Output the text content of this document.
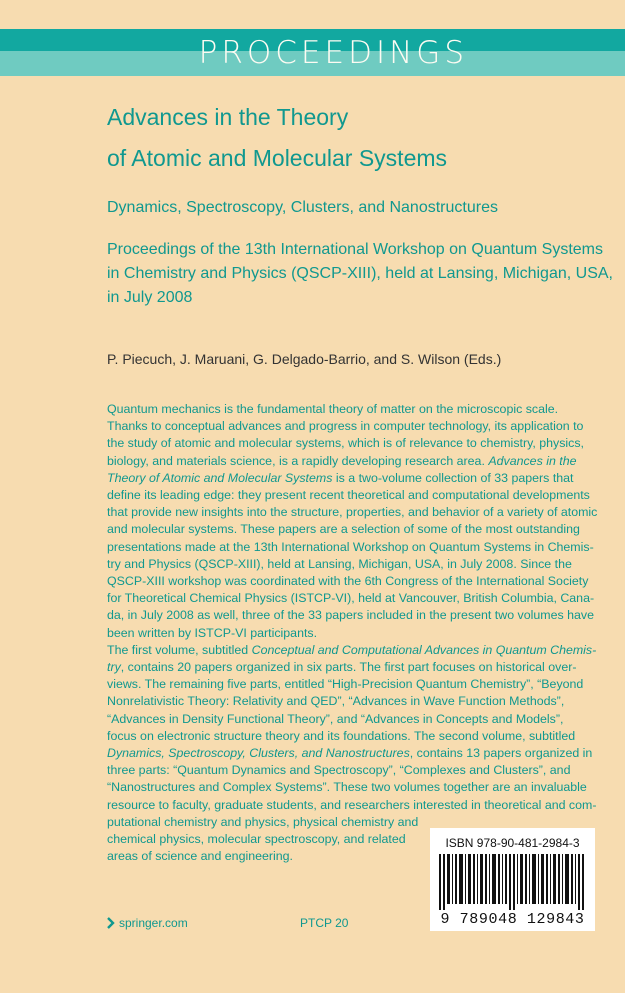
PROCEEDINGS
Advances in the Theory
of Atomic and Molecular Systems
Dynamics, Spectroscopy, Clusters, and Nanostructures
Proceedings of the 13th International Workshop on Quantum Systems
in Chemistry and Physics (QSCP-XIII), held at Lansing, Michigan, USA,
in July 2008
P. Piecuch, J. Maruani, G. Delgado-Barrio, and S. Wilson (Eds.)
Quantum mechanics is the fundamental theory of matter on the microscopic scale.
Thanks to conceptual advances and progress in computer technology, its application to
the study of atomic and molecular systems, which is of relevance to chemistry, physics,
biology, and materials science, is a rapidly developing research area. Advances in the
Theory of Atomic and Molecular Systems is a two-volume collection of 33 papers that
define its leading edge: they present recent theoretical and computational developments
that provide new insights into the structure, properties, and behavior of a variety of atomic
and molecular systems. These papers are a selection of some of the most outstanding
presentations made at the 13th International Workshop on Quantum Systems in Chemis-
try and Physics (QSCP-XIII), held at Lansing, Michigan, USA, in July 2008. Since the
QSCP-XIII workshop was coordinated with the 6th Congress of the International Society
for Theoretical Chemical Physics (ISTCP-VI), held at Vancouver, British Columbia, Cana-
da, in July 2008 as well, three of the 33 papers included in the present two volumes have
been written by ISTCP-VI participants.
The first volume, subtitled Conceptual and Computational Advances in Quantum Chemis-
try, contains 20 papers organized in six parts. The first part focuses on historical over-
views. The remaining five parts, entitled “High-Precision Quantum Chemistry”, “Beyond
Nonrelativistic Theory: Relativity and QED”, “Advances in Wave Function Methods”,
“Advances in Density Functional Theory”, and “Advances in Concepts and Models”,
focus on electronic structure theory and its foundations. The second volume, subtitled
Dynamics, Spectroscopy, Clusters, and Nanostructures, contains 13 papers organized in
three parts: “Quantum Dynamics and Spectroscopy”, “Complexes and Clusters”, and
“Nanostructures and Complex Systems”. These two volumes together are an invaluable
resource to faculty, graduate students, and researchers interested in theoretical and com-
putational chemistry and physics, physical chemistry and
chemical physics, molecular spectroscopy, and related
areas of science and engineering.
ISBN 978-90-481-2984-3
9 789048 129843
springer.com	PTCP 20
